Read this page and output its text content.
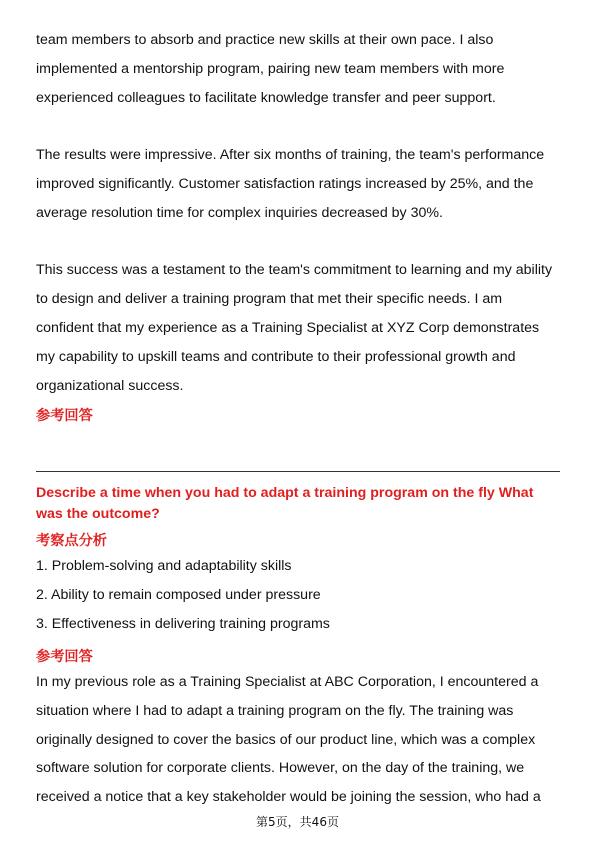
team members to absorb and practice new skills at their own pace. I also
implemented a mentorship program, pairing new team members with more
experienced colleagues to facilitate knowledge transfer and peer support.

The results were impressive. After six months of training, the team's performance
improved significantly. Customer satisfaction ratings increased by 25%, and the
average resolution time for complex inquiries decreased by 30%.

This success was a testament to the team's commitment to learning and my ability
to design and deliver a training program that met their specific needs. I am
confident that my experience as a Training Specialist at XYZ Corp demonstrates
my capability to upskill teams and contribute to their professional growth and
organizational success.

参考回答

Describe a time when you had to adapt a training program on the fly What
was the outcome?

考察点分析

1. Problem-solving and adaptability skills
2. Ability to remain composed under pressure
3. Effectiveness in delivering training programs

参考回答

In my previous role as a Training Specialist at ABC Corporation, I encountered a
situation where I had to adapt a training program on the fly. The training was
originally designed to cover the basics of our product line, which was a complex
software solution for corporate clients. However, on the day of the training, we
received a notice that a key stakeholder would be joining the session, who had a

第5页，共46页
